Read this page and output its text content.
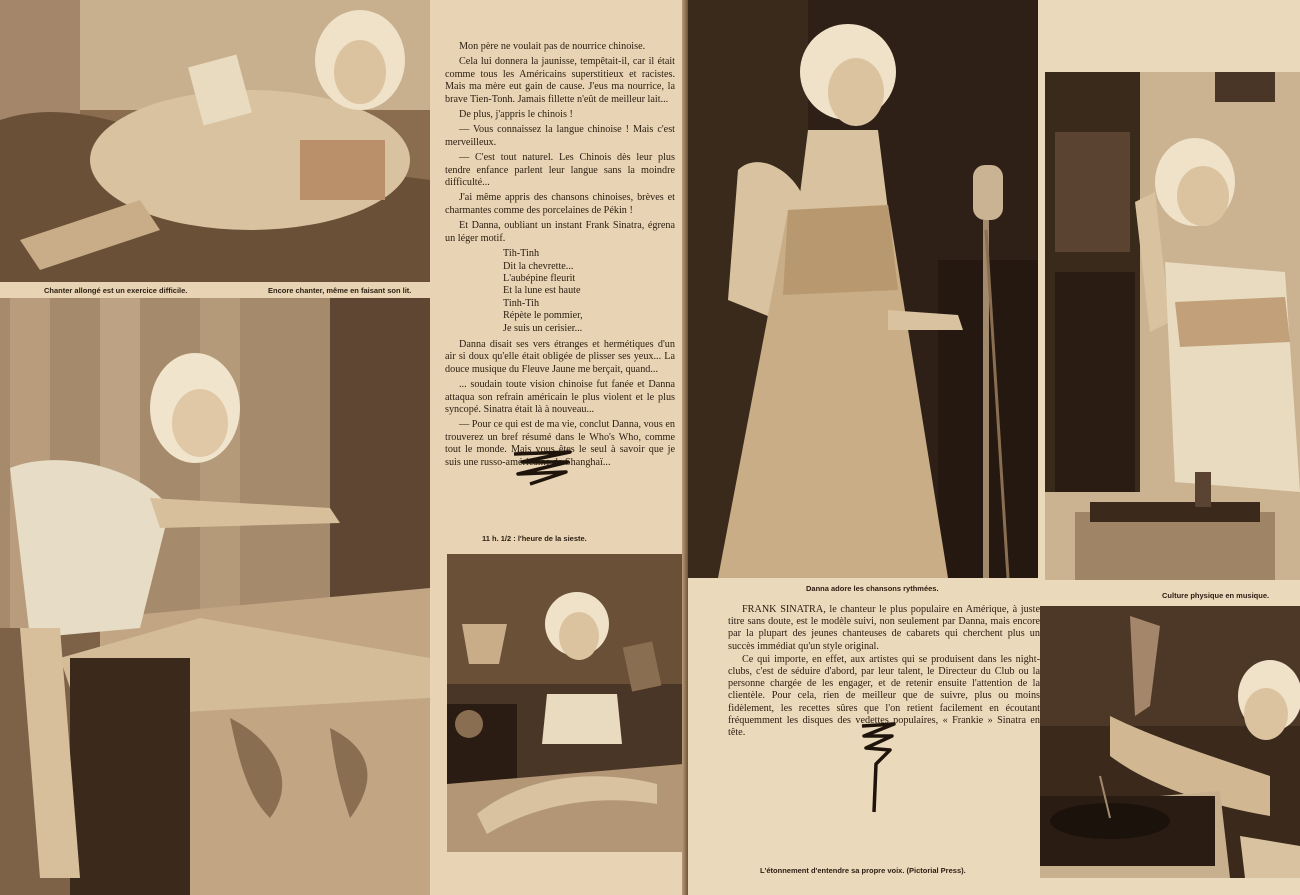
Chanter allongé est un exercice difficile.	Encore chanter, même en faisant son lit.

Mon père ne voulait pas de nourrice chinoise.

Cela lui donnera la jaunisse, tempêtait-il, car il était comme tous les Américains superstitieux et racistes. Mais ma mère eut gain de cause. J'eus ma nourrice, la brave Tien-Tonh. Jamais fillette n'eût de meilleur lait...

De plus, j'appris le chinois !

— Vous connaissez la langue chinoise ! Mais c'est merveilleux.

— C'est tout naturel. Les Chinois dès leur plus tendre enfance parlent leur langue sans la moindre difficulté...

J'ai même appris des chansons chinoises, brèves et charmantes comme des porcelaines de Pékin !

Et Danna, oubliant un instant Frank Sinatra, égrena un léger motif.

Tih-Tinh
Dit la chevrette...
L'aubépine fleurit
Et la lune est haute
Tinh-Tih
Répète le pommier,
Je suis un cerisier...

Danna disait ses vers étranges et hermétiques d'un air si doux qu'elle était obligée de plisser ses yeux... La douce musique du Fleuve Jaune me berçait, quand...

... soudain toute vision chinoise fut fanée et Danna attaqua son refrain américain le plus violent et le plus syncopé. Sinatra était là à nouveau...

— Pour ce qui est de ma vie, conclut Danna, vous en trouverez un bref résumé dans le Who's Who, comme tout le monde. Mais vous êtes le seul à savoir que je suis une russo-américaine de Shanghaï...

11 h. 1/2 : l'heure de la sieste.
Danna adore les chansons rythmées.
Culture physique en musique.

FRANK SINATRA, le chanteur le plus populaire en Amérique, à juste titre sans doute, est le modèle suivi, non seulement par Danna, mais encore par la plupart des jeunes chanteuses de cabarets qui cherchent plus un succès immédiat qu'un style original.

Ce qui importe, en effet, aux artistes qui se produisent dans les night-clubs, c'est de séduire d'abord, par leur talent, le Directeur du Club ou la personne chargée de les engager, et de retenir ensuite l'attention de la clientèle. Pour cela, rien de meilleur que de suivre, plus ou moins fidèlement, les recettes sûres que l'on retient facilement en écoutant fréquemment les disques des vedettes populaires, « Frankie » Sinatra en tête.

L'étonnement d'entendre sa propre voix. (Pictorial Press).
